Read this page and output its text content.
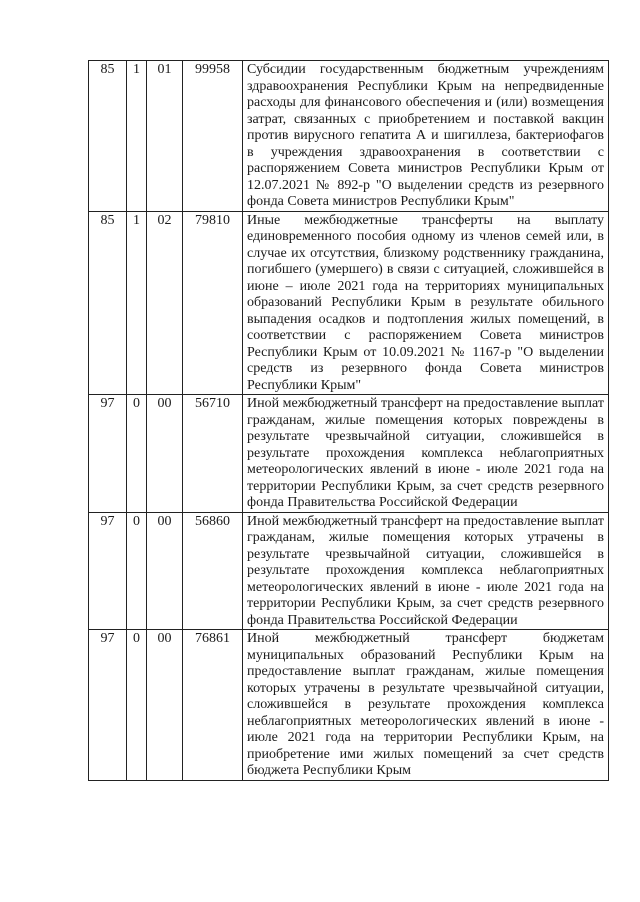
85	1	01	99958	Субсидии государственным бюджетным учреждениям здравоохранения Республики Крым на непредвиденные расходы для финансового обеспечения и (или) возмещения затрат, связанных с приобретением и поставкой вакцин против вирусного гепатита А и шигиллеза, бактериофагов в учреждения здравоохранения в соответствии с распоряжением Совета министров Республики Крым от 12.07.2021 № 892-р "О выделении средств из резервного фонда Совета министров Республики Крым"
85	1	02	79810	Иные межбюджетные трансферты на выплату единовременного пособия одному из членов семей или, в случае их отсутствия, близкому родственнику гражданина, погибшего (умершего) в связи с ситуацией, сложившейся в июне – июле 2021 года на территориях муниципальных образований Республики Крым в результате обильного выпадения осадков и подтопления жилых помещений, в соответствии с распоряжением Совета министров Республики Крым от 10.09.2021 № 1167-р "О выделении средств из резервного фонда Совета министров Республики Крым"
97	0	00	56710	Иной межбюджетный трансферт на предоставление выплат гражданам, жилые помещения которых повреждены в результате чрезвычайной ситуации, сложившейся в результате прохождения комплекса неблагоприятных метеорологических явлений в июне - июле 2021 года на территории Республики Крым, за счет средств резервного фонда Правительства Российской Федерации
97	0	00	56860	Иной межбюджетный трансферт на предоставление выплат гражданам, жилые помещения которых утрачены в результате чрезвычайной ситуации, сложившейся в результате прохождения комплекса неблагоприятных метеорологических явлений в июне - июле 2021 года на территории Республики Крым, за счет средств резервного фонда Правительства Российской Федерации
97	0	00	76861	Иной межбюджетный трансферт бюджетам муниципальных образований Республики Крым на предоставление выплат гражданам, жилые помещения которых утрачены в результате чрезвычайной ситуации, сложившейся в результате прохождения комплекса неблагоприятных метеорологических явлений в июне - июле 2021 года на территории Республики Крым, на приобретение ими жилых помещений за счет средств бюджета Республики Крым
